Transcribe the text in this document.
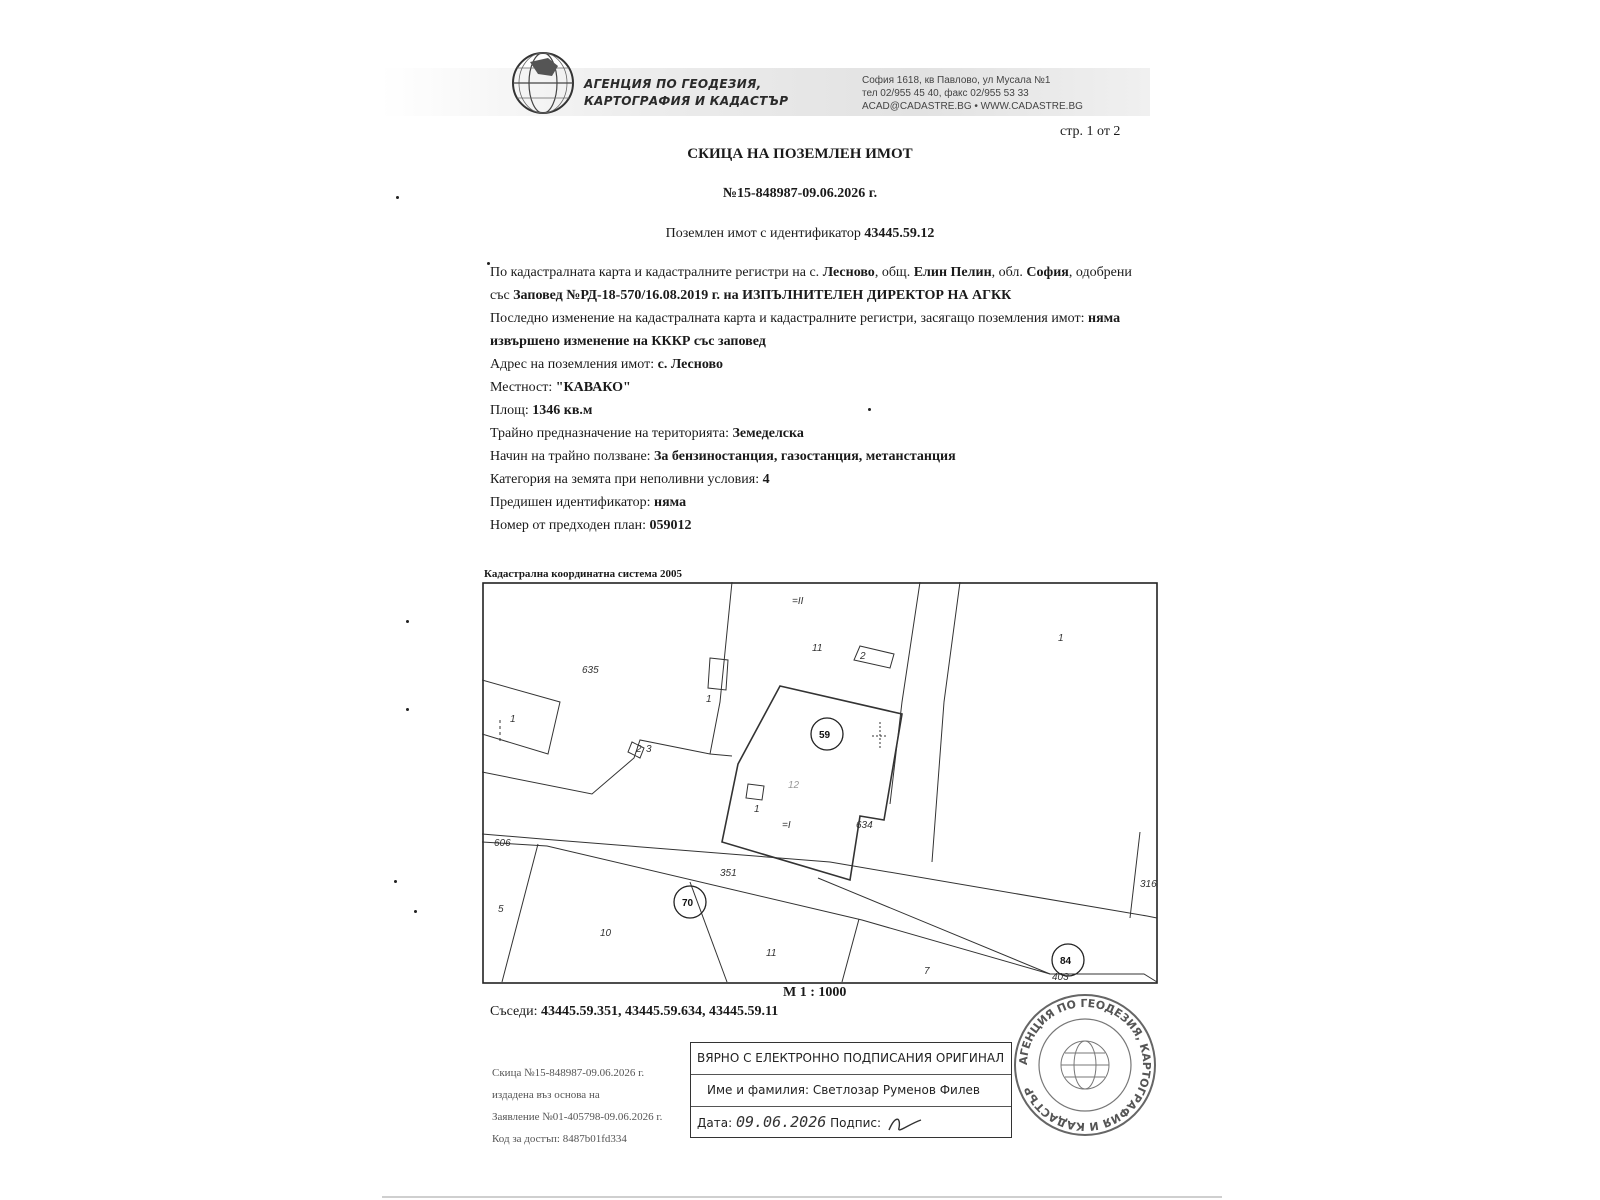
АГЕНЦИЯ ПО ГЕОДЕЗИЯ,
КАРТОГРАФИЯ И КАДАСТЪР
София 1618, кв Павлово, ул Мусала №1
тел 02/955 45 40, факс 02/955 53 33
ACAD@CADASTRE.BG • WWW.CADASTRE.BG
стр. 1 от 2
СКИЦА НА ПОЗЕМЛЕН ИМОТ
№15-848987-09.06.2026 г.
Поземлен имот с идентификатор 43445.59.12

По кадастралната карта и кадастралните регистри на с. Лесново, общ. Елин Пелин, обл. София, одобрени със Заповед №РД-18-570/16.08.2019 г. на ИЗПЪЛНИТЕЛЕН ДИРЕКТОР НА АГКК

Последно изменение на кадастралната карта и кадастралните регистри, засягащо поземления имот: няма извършено изменение на КККР със заповед

Адрес на поземления имот: с. Лесново

Местност: "КАВАКО"

Площ: 1346 кв.м

Трайно предназначение на територията: Земеделска

Начин на трайно ползване: За бензиностанция, газостанция, метанстанция

Категория на земята при неполивни условия: 4

Предишен идентификатор: няма

Номер от предходен план: 059012

Кадастрална координатна система 2005
635
11
=II
1
2
1
1
3
2
59
12
1
=I	634
606
351
316
5
10
70
11
7
403
84
М 1 : 1000
Съседи: 43445.59.351, 43445.59.634, 43445.59.11
Скица №15-848987-09.06.2026 г.
издадена въз основа на
Заявление №01-405798-09.06.2026 г.
Код за достъп: 8487b01fd334
ВЯРНО С ЕЛЕКТРОННО ПОДПИСАНИЯ ОРИГИНАЛ
Име и фамилия: Светлозар Руменов Филев
Дата: 09.06.2026 Подпис:
АГЕНЦИЯ ПО ГЕОДЕЗИЯ, КАРТОГРАФИЯ И КАДАСТЪР
